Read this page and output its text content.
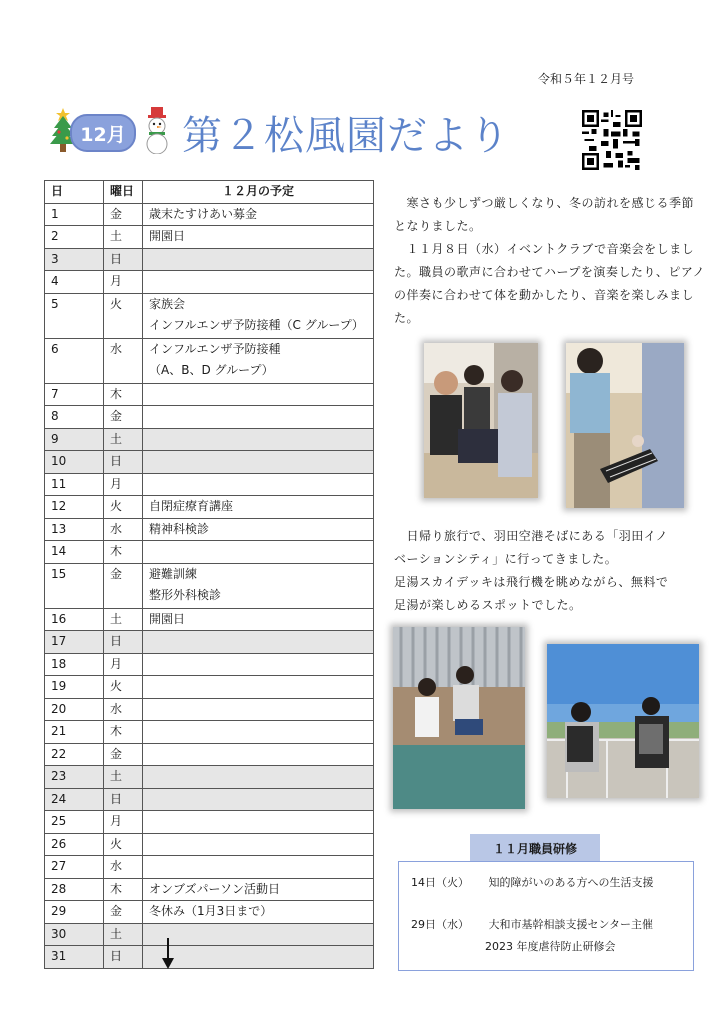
令和５年１２月号
12月 第２松風園だより
日	曜日	１２月の予定
1	金	歳末たすけあい募金

2	土	開園日

3	日	
4	月	
5	火	家族会
インフルエンザ予防接種（C グループ）

6	水	インフルエンザ予防接種
（A、B、D グループ）

7	木	
8	金	
9	土	
10	日	
11	月	
12	火	自閉症療育講座

13	水	精神科検診

14	木	
15	金	避難訓練
整形外科検診

16	土	開園日

17	日	
18	月	
19	火	
20	水	
21	木	
22	金	
23	土	
24	日	
25	月	
26	火	
27	水	
28	木	オンブズパーソン活動日

29	金	冬休み（1月3日まで）

30	土	
31	日	
　寒さも少しずつ厳しくなり、冬の訪れを感じる季節
となりました。
　１１月８日（水）イベントクラブで音楽会をしまし
た。職員の歌声に合わせてハープを演奏したり、ピアノ
の伴奏に合わせて体を動かしたり、音楽を楽しみまし
た。
　日帰り旅行で、羽田空港そばにある「羽田イノ
ベーションシティ」に行ってきました。
足湯スカイデッキは飛行機を眺めながら、無料で
足湯が楽しめるスポットでした。
１１月職員研修
14日（火） 知的障がいのある方への生活支援
29日（水） 大和市基幹相談支援センター主催
2023 年度虐待防止研修会
